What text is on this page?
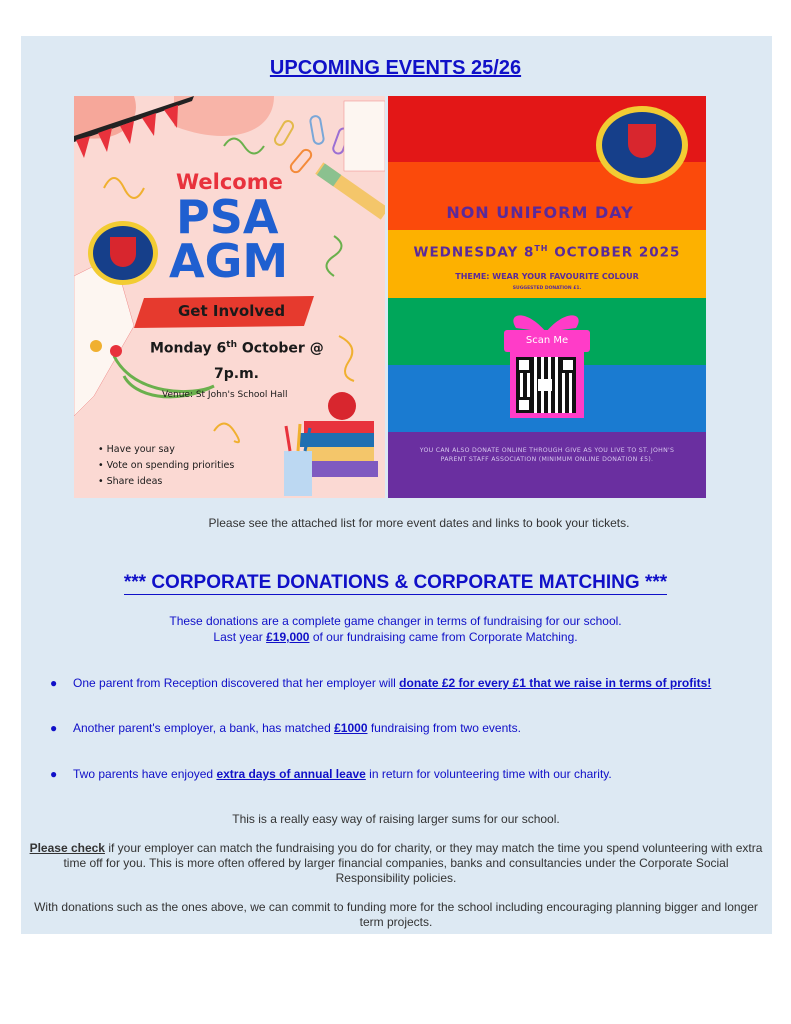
UPCOMING EVENTS 25/26
Welcome
PSA
AGM
Get Involved
Monday 6th October @
7p.m.
Venue: St John's School Hall
• Have your say
• Vote on spending priorities
• Share ideas
NON UNIFORM DAY
WEDNESDAY 8TH OCTOBER 2025
THEME: WEAR YOUR FAVOURITE COLOUR
SUGGESTED DONATION £1.
Scan Me
YOU CAN ALSO DONATE ONLINE THROUGH GIVE AS YOU LIVE TO ST. JOHN'S PARENT STAFF ASSOCIATION (MINIMUM ONLINE DONATION £5).
Please see the attached list for more event dates and links to book your tickets.
*** CORPORATE DONATIONS & CORPORATE MATCHING ***
These donations are a complete game changer in terms of fundraising for our school.
Last year £19,000 of our fundraising came from Corporate Matching.
● One parent from Reception discovered that her employer will donate £2 for every £1 that we raise in terms of profits!
● Another parent's employer, a bank, has matched £1000 fundraising from two events.
● Two parents have enjoyed extra days of annual leave in return for volunteering time with our charity.
This is a really easy way of raising larger sums for our school.
Please check if your employer can match the fundraising you do for charity, or they may match the time you spend volunteering with extra time off for you. This is more often offered by larger financial companies, banks and consultancies under the Corporate Social Responsibility policies.
With donations such as the ones above, we can commit to funding more for the school including encouraging planning bigger and longer term projects.
